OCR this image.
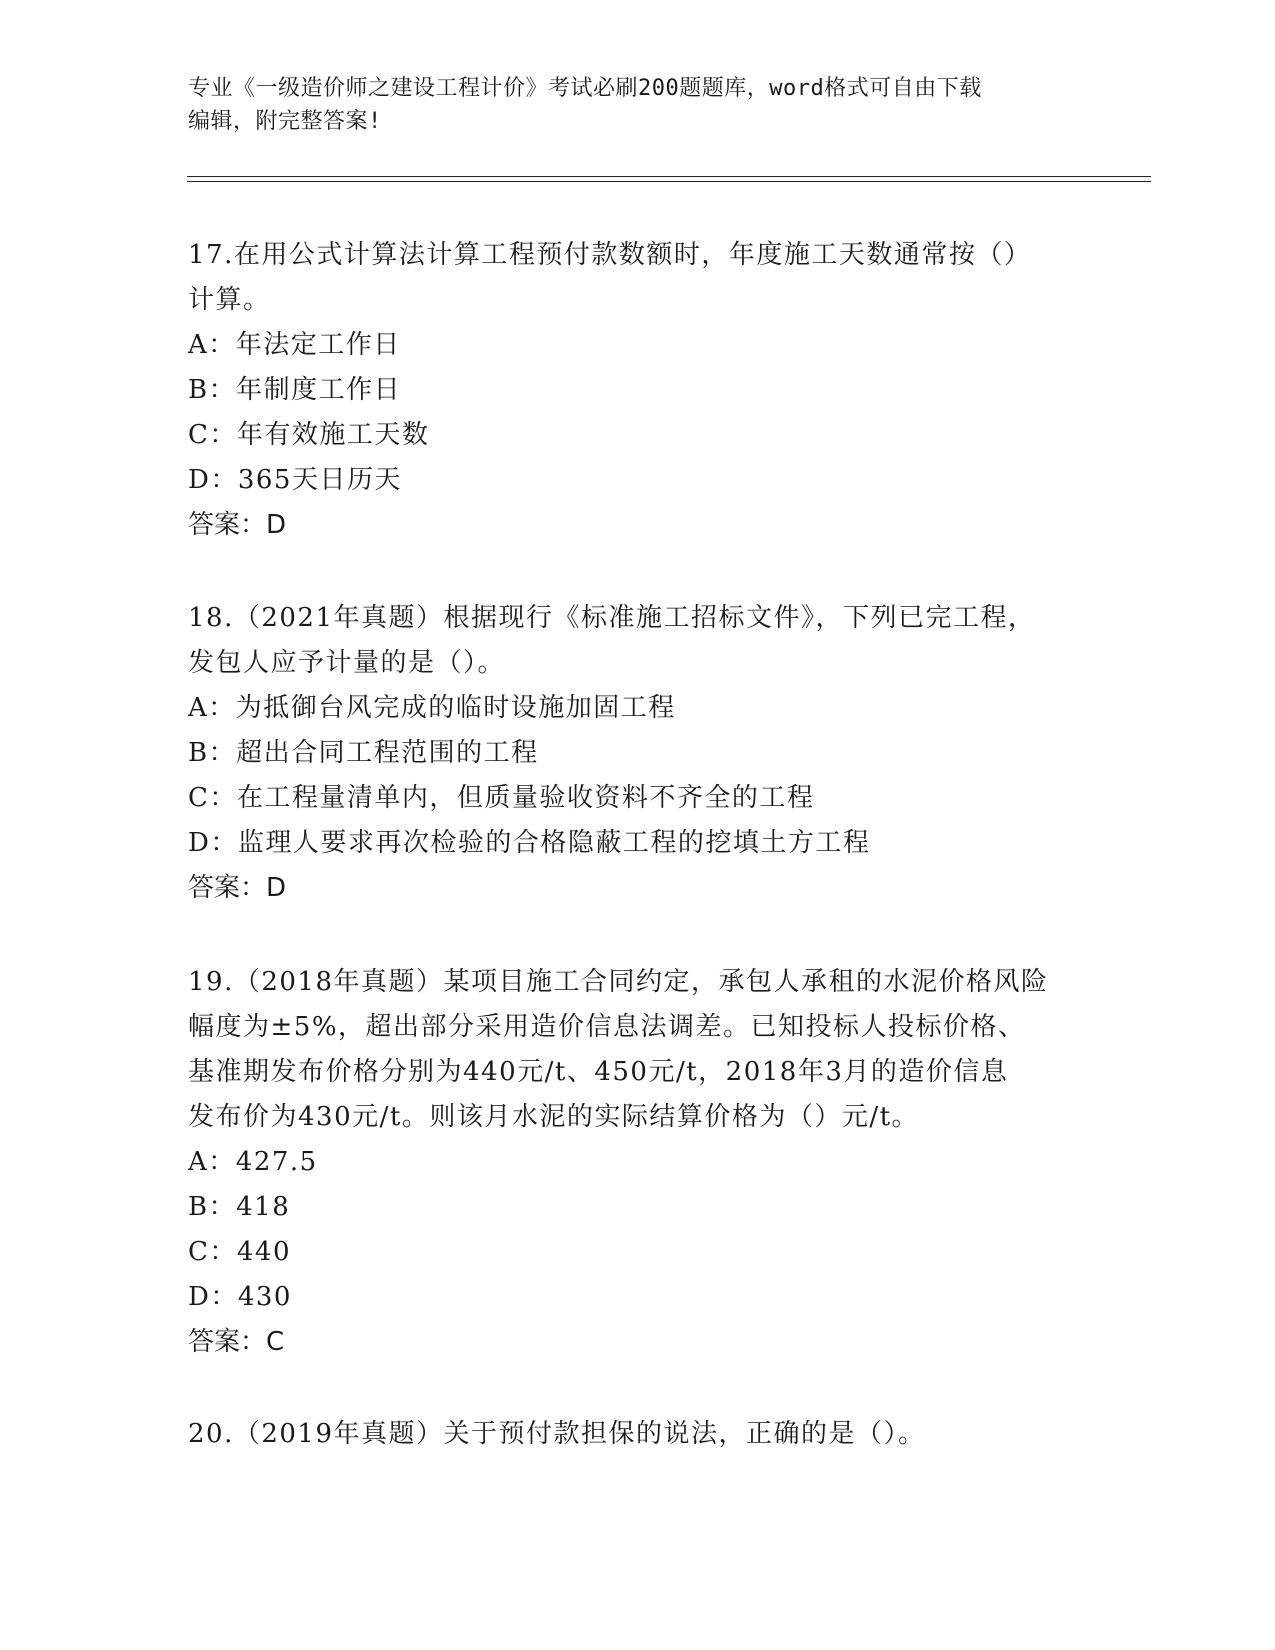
专业《一级造价师之建设工程计价》考试必刷200题题库，word格式可自由下载
编辑，附完整答案!

17.在用公式计算法计算工程预付款数额时，年度施工天数通常按（）

计算。

A：年法定工作日

B：年制度工作日

C：年有效施工天数

D：365天日历天

答案：D

18.（2021年真题）根据现行《标准施工招标文件》，下列已完工程，

发包人应予计量的是（）。

A：为抵御台风完成的临时设施加固工程

B：超出合同工程范围的工程

C：在工程量清单内，但质量验收资料不齐全的工程

D：监理人要求再次检验的合格隐蔽工程的挖填土方工程

答案：D

19.（2018年真题）某项目施工合同约定，承包人承租的水泥价格风险

幅度为±5%，超出部分采用造价信息法调差。已知投标人投标价格、

基准期发布价格分别为440元/t、450元/t，2018年3月的造价信息

发布价为430元/t。则该月水泥的实际结算价格为（）元/t。

A：427.5

B：418

C：440

D：430

答案：C

20.（2019年真题）关于预付款担保的说法，正确的是（）。
